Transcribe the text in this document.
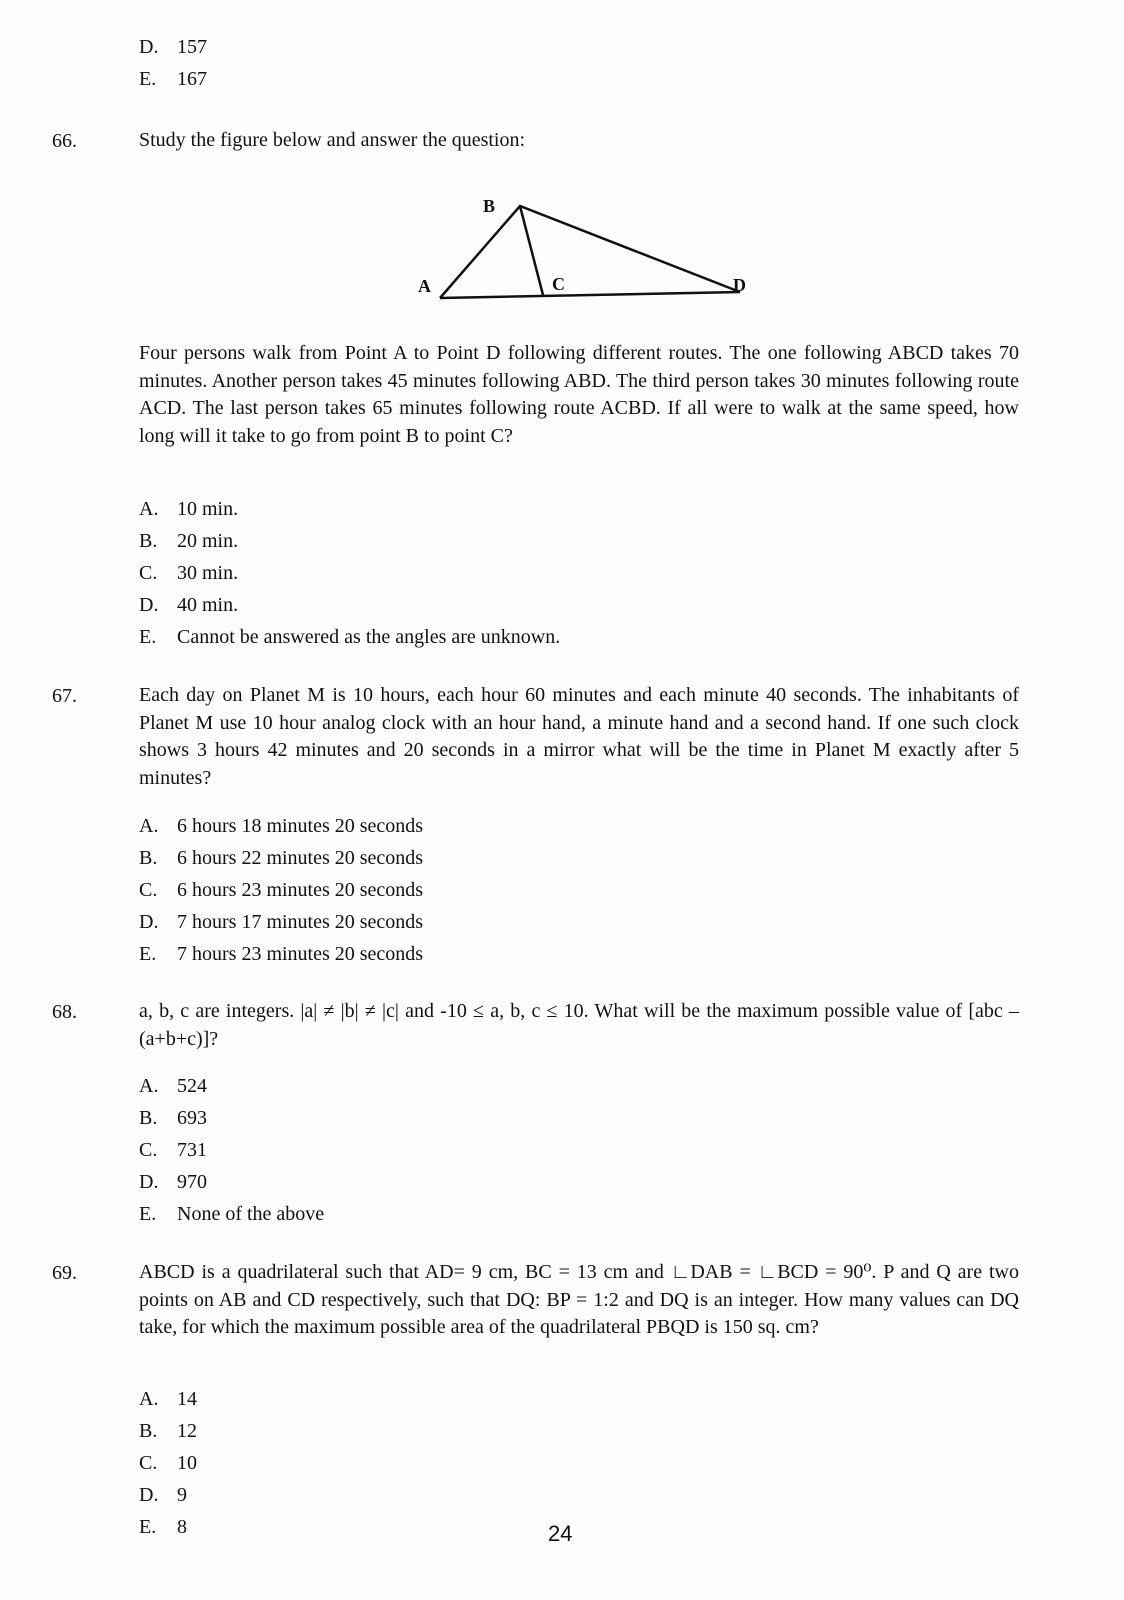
D. 157
E. 167
66.	Study the figure below and answer the question:
B
A	C	D
Four persons walk from Point A to Point D following different routes. The one following ABCD takes 70 minutes. Another person takes 45 minutes following ABD. The third person takes 30 minutes following route ACD. The last person takes 65 minutes following route ACBD. If all were to walk at the same speed, how long will it take to go from point B to point C?
A. 10 min.
B. 20 min.
C. 30 min.
D. 40 min.
E. Cannot be answered as the angles are unknown.
67.	Each day on Planet M is 10 hours, each hour 60 minutes and each minute 40 seconds. The inhabitants of Planet M use 10 hour analog clock with an hour hand, a minute hand and a second hand. If one such clock shows 3 hours 42 minutes and 20 seconds in a mirror what will be the time in Planet M exactly after 5 minutes?
A. 6 hours 18 minutes 20 seconds
B. 6 hours 22 minutes 20 seconds
C. 6 hours 23 minutes 20 seconds
D. 7 hours 17 minutes 20 seconds
E. 7 hours 23 minutes 20 seconds
68.	a, b, c are integers. |a| ≠ |b| ≠ |c| and -10 ≤ a, b, c ≤ 10. What will be the maximum possible value of [abc – (a+b+c)]?
A. 524
B. 693
C. 731
D. 970
E. None of the above
69.	ABCD is a quadrilateral such that AD= 9 cm, BC = 13 cm and ∟DAB = ∟BCD = 90⁰. P and Q are two points on AB and CD respectively, such that DQ: BP = 1:2 and DQ is an integer. How many values can DQ take, for which the maximum possible area of the quadrilateral PBQD is 150 sq. cm?
A. 14
B. 12
C. 10
D. 9
E. 8	24
